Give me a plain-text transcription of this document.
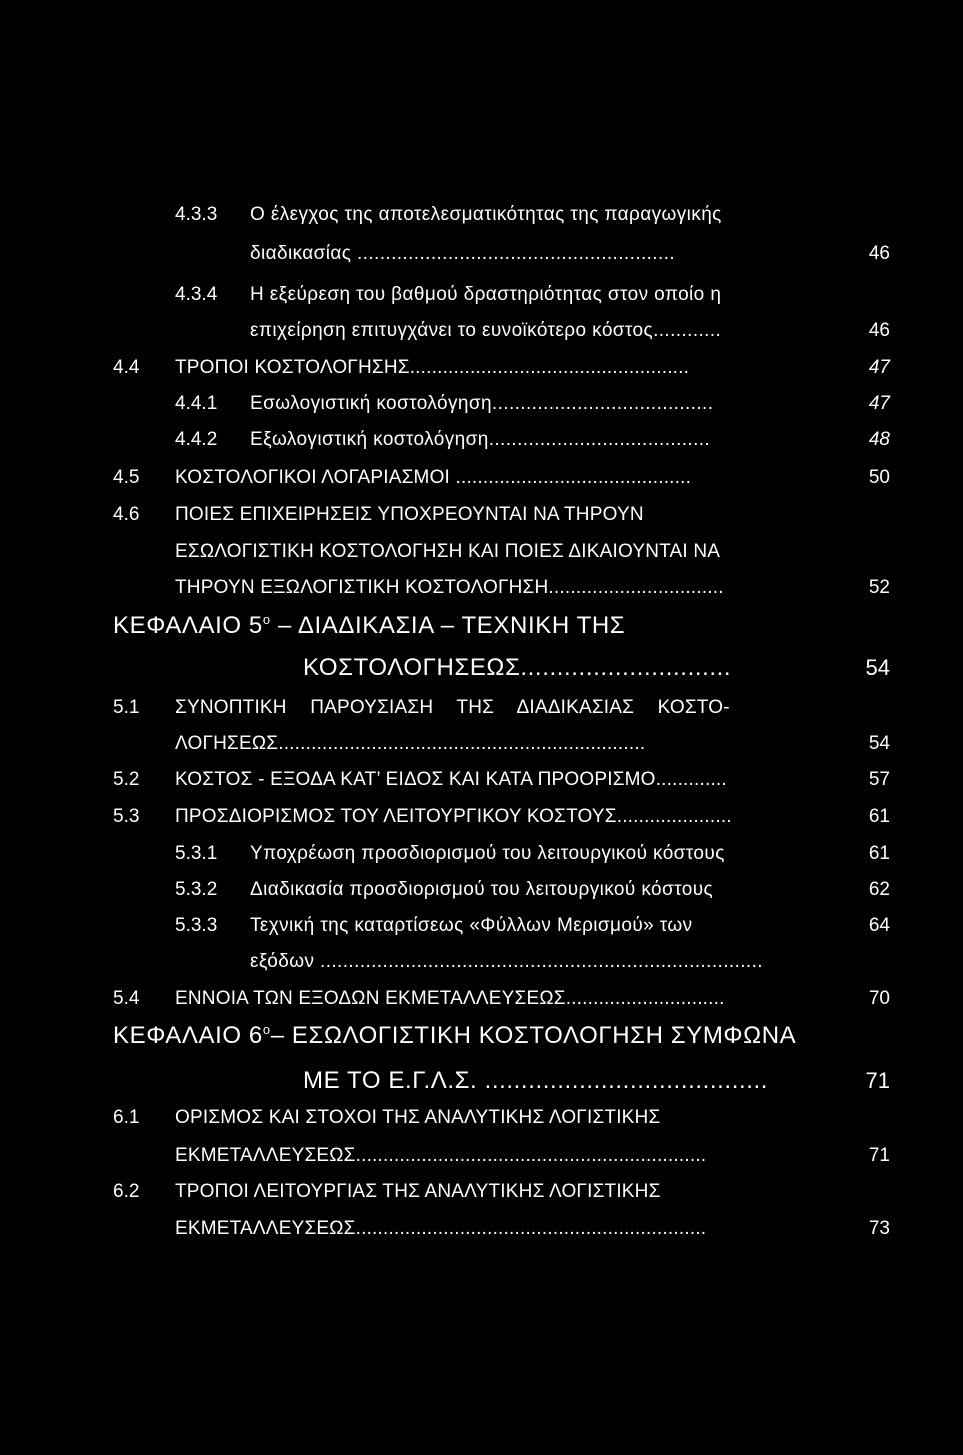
4.3.3 Ο έλεγχος της αποτελεσματικότητας της παραγωγικής
διαδικασίας ........................................................	46
4.3.4 Η εξεύρεση του βαθμού δραστηριότητας στον οποίο η
επιχείρηση επιτυγχάνει το ευνοϊκότερο κόστος............	46
4.4 ΤΡΟΠΟΙ ΚΟΣΤΟΛΟΓΗΣΗΣ...................................................	47
4.4.1 Εσωλογιστική κοστολόγηση.......................................	47
4.4.2 Εξωλογιστική κοστολόγηση.......................................	48
4.5 ΚΟΣΤΟΛΟΓΙΚΟΙ ΛΟΓΑΡΙΑΣΜΟΙ ...........................................	50
4.6 ΠΟΙΕΣ ΕΠΙΧΕΙΡΗΣΕΙΣ ΥΠΟΧΡΕΟΥΝΤΑΙ ΝΑ ΤΗΡΟΥΝ
ΕΣΩΛΟΓΙΣΤΙΚΗ ΚΟΣΤΟΛΟΓΗΣΗ ΚΑΙ ΠΟΙΕΣ ΔΙΚΑΙΟΥΝΤΑΙ ΝΑ
ΤΗΡΟΥΝ ΕΞΩΛΟΓΙΣΤΙΚΗ ΚΟΣΤΟΛΟΓΗΣΗ................................	52
ΚΕΦΑΛΑΙΟ $5^o$ – ΔΙΑΔΙΚΑΣΙΑ – ΤΕΧΝΙΚΗ ΤΗΣ
ΚΟΣΤΟΛΟΓΗΣΕΩΣ.............................	54
5.1 ΣΥΝΟΠΤΙΚΗ ΠΑΡΟΥΣΙΑΣΗ ΤΗΣ ΔΙΑΔΙΚΑΣΙΑΣ ΚΟΣΤΟ-
ΛΟΓΗΣΕΩΣ...................................................................	54
5.2 ΚΟΣΤΟΣ - ΕΞΟΔΑ ΚΑΤ’ ΕΙΔΟΣ ΚΑΙ ΚΑΤΑ ΠΡΟΟΡΙΣΜΟ.............	57
5.3 ΠΡΟΣΔΙΟΡΙΣΜΟΣ ΤΟΥ ΛΕΙΤΟΥΡΓΙΚΟΥ ΚΟΣΤΟΥΣ.....................	61
5.3.1 Υποχρέωση προσδιορισμού του λειτουργικού κόστους	61
5.3.2 Διαδικασία προσδιορισμού του λειτουργικού κόστους	62
5.3.3 Τεχνική της καταρτίσεως «Φύλλων Μερισμού» των	64
εξόδων ..............................................................................
5.4 ΕΝΝΟΙΑ ΤΩΝ ΕΞΟΔΩΝ ΕΚΜΕΤΑΛΛΕΥΣΕΩΣ.............................	70
ΚΕΦΑΛΑΙΟ $6^o-$ ΕΣΩΛΟΓΙΣΤΙΚΗ ΚΟΣΤΟΛΟΓΗΣΗ ΣΥΜΦΩΝΑ
ΜΕ ΤΟ Ε.Γ.Λ.Σ. .......................................	71
6.1 ΟΡΙΣΜΟΣ ΚΑΙ ΣΤΟΧΟΙ ΤΗΣ ΑΝΑΛΥΤΙΚΗΣ ΛΟΓΙΣΤΙΚΗΣ
ΕΚΜΕΤΑΛΛΕΥΣΕΩΣ................................................................	71
6.2 ΤΡΟΠΟΙ ΛΕΙΤΟΥΡΓΙΑΣ ΤΗΣ ΑΝΑΛΥΤΙΚΗΣ ΛΟΓΙΣΤΙΚΗΣ
ΕΚΜΕΤΑΛΛΕΥΣΕΩΣ................................................................	73
